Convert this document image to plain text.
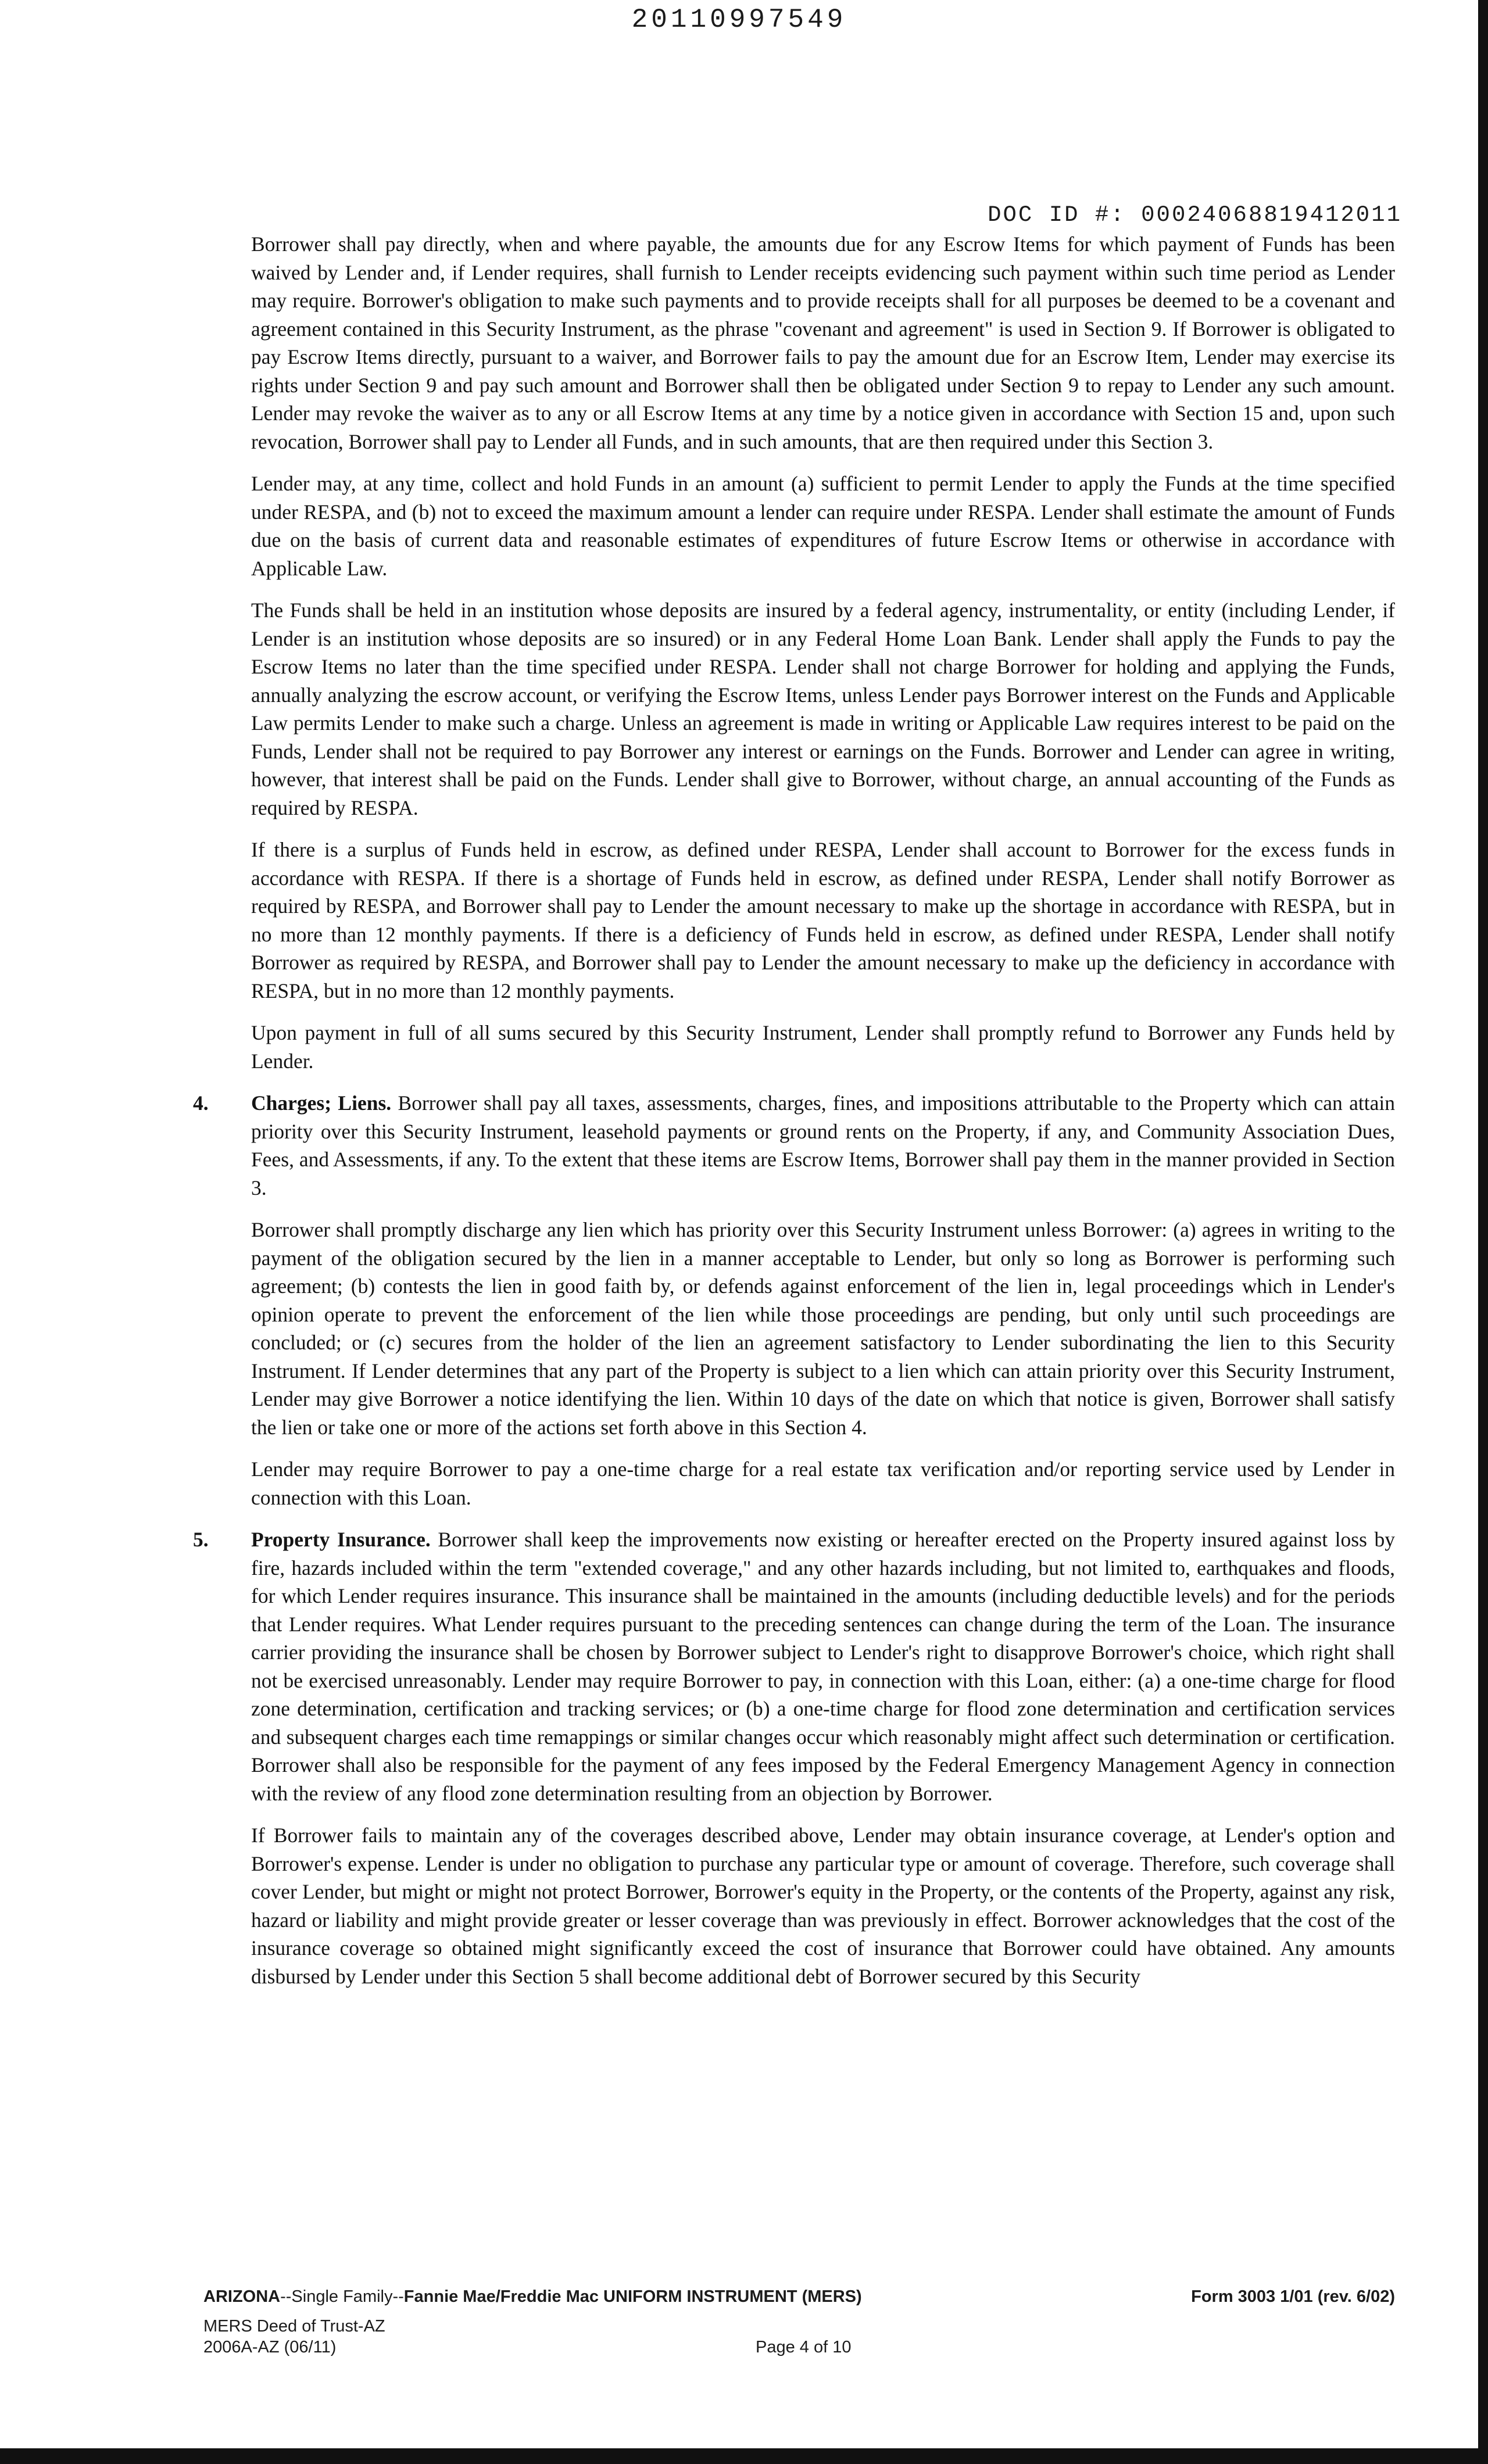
20110997549
DOC ID #: 00024068819412011

Borrower shall pay directly, when and where payable, the amounts due for any Escrow Items for which payment of Funds has been waived by Lender and, if Lender requires, shall furnish to Lender receipts evidencing such payment within such time period as Lender may require. Borrower's obligation to make such payments and to provide receipts shall for all purposes be deemed to be a covenant and agreement contained in this Security Instrument, as the phrase "covenant and agreement" is used in Section 9. If Borrower is obligated to pay Escrow Items directly, pursuant to a waiver, and Borrower fails to pay the amount due for an Escrow Item, Lender may exercise its rights under Section 9 and pay such amount and Borrower shall then be obligated under Section 9 to repay to Lender any such amount. Lender may revoke the waiver as to any or all Escrow Items at any time by a notice given in accordance with Section 15 and, upon such revocation, Borrower shall pay to Lender all Funds, and in such amounts, that are then required under this Section 3.

Lender may, at any time, collect and hold Funds in an amount (a) sufficient to permit Lender to apply the Funds at the time specified under RESPA, and (b) not to exceed the maximum amount a lender can require under RESPA. Lender shall estimate the amount of Funds due on the basis of current data and reasonable estimates of expenditures of future Escrow Items or otherwise in accordance with Applicable Law.

The Funds shall be held in an institution whose deposits are insured by a federal agency, instrumentality, or entity (including Lender, if Lender is an institution whose deposits are so insured) or in any Federal Home Loan Bank. Lender shall apply the Funds to pay the Escrow Items no later than the time specified under RESPA. Lender shall not charge Borrower for holding and applying the Funds, annually analyzing the escrow account, or verifying the Escrow Items, unless Lender pays Borrower interest on the Funds and Applicable Law permits Lender to make such a charge. Unless an agreement is made in writing or Applicable Law requires interest to be paid on the Funds, Lender shall not be required to pay Borrower any interest or earnings on the Funds. Borrower and Lender can agree in writing, however, that interest shall be paid on the Funds. Lender shall give to Borrower, without charge, an annual accounting of the Funds as required by RESPA.

If there is a surplus of Funds held in escrow, as defined under RESPA, Lender shall account to Borrower for the excess funds in accordance with RESPA. If there is a shortage of Funds held in escrow, as defined under RESPA, Lender shall notify Borrower as required by RESPA, and Borrower shall pay to Lender the amount necessary to make up the shortage in accordance with RESPA, but in no more than 12 monthly payments. If there is a deficiency of Funds held in escrow, as defined under RESPA, Lender shall notify Borrower as required by RESPA, and Borrower shall pay to Lender the amount necessary to make up the deficiency in accordance with RESPA, but in no more than 12 monthly payments.

Upon payment in full of all sums secured by this Security Instrument, Lender shall promptly refund to Borrower any Funds held by Lender.

4. Charges; Liens. Borrower shall pay all taxes, assessments, charges, fines, and impositions attributable to the Property which can attain priority over this Security Instrument, leasehold payments or ground rents on the Property, if any, and Community Association Dues, Fees, and Assessments, if any. To the extent that these items are Escrow Items, Borrower shall pay them in the manner provided in Section 3.

Borrower shall promptly discharge any lien which has priority over this Security Instrument unless Borrower: (a) agrees in writing to the payment of the obligation secured by the lien in a manner acceptable to Lender, but only so long as Borrower is performing such agreement; (b) contests the lien in good faith by, or defends against enforcement of the lien in, legal proceedings which in Lender's opinion operate to prevent the enforcement of the lien while those proceedings are pending, but only until such proceedings are concluded; or (c) secures from the holder of the lien an agreement satisfactory to Lender subordinating the lien to this Security Instrument. If Lender determines that any part of the Property is subject to a lien which can attain priority over this Security Instrument, Lender may give Borrower a notice identifying the lien. Within 10 days of the date on which that notice is given, Borrower shall satisfy the lien or take one or more of the actions set forth above in this Section 4.

Lender may require Borrower to pay a one-time charge for a real estate tax verification and/or reporting service used by Lender in connection with this Loan.

5. Property Insurance. Borrower shall keep the improvements now existing or hereafter erected on the Property insured against loss by fire, hazards included within the term "extended coverage," and any other hazards including, but not limited to, earthquakes and floods, for which Lender requires insurance. This insurance shall be maintained in the amounts (including deductible levels) and for the periods that Lender requires. What Lender requires pursuant to the preceding sentences can change during the term of the Loan. The insurance carrier providing the insurance shall be chosen by Borrower subject to Lender's right to disapprove Borrower's choice, which right shall not be exercised unreasonably. Lender may require Borrower to pay, in connection with this Loan, either: (a) a one-time charge for flood zone determination, certification and tracking services; or (b) a one-time charge for flood zone determination and certification services and subsequent charges each time remappings or similar changes occur which reasonably might affect such determination or certification. Borrower shall also be responsible for the payment of any fees imposed by the Federal Emergency Management Agency in connection with the review of any flood zone determination resulting from an objection by Borrower.

If Borrower fails to maintain any of the coverages described above, Lender may obtain insurance coverage, at Lender's option and Borrower's expense. Lender is under no obligation to purchase any particular type or amount of coverage. Therefore, such coverage shall cover Lender, but might or might not protect Borrower, Borrower's equity in the Property, or the contents of the Property, against any risk, hazard or liability and might provide greater or lesser coverage than was previously in effect. Borrower acknowledges that the cost of the insurance coverage so obtained might significantly exceed the cost of insurance that Borrower could have obtained. Any amounts disbursed by Lender under this Section 5 shall become additional debt of Borrower secured by this Security

ARIZONA--Single Family--Fannie Mae/Freddie Mac UNIFORM INSTRUMENT (MERS)	Form 3003 1/01 (rev. 6/02)
MERS Deed of Trust-AZ
2006A-AZ (06/11)	Page 4 of 10
